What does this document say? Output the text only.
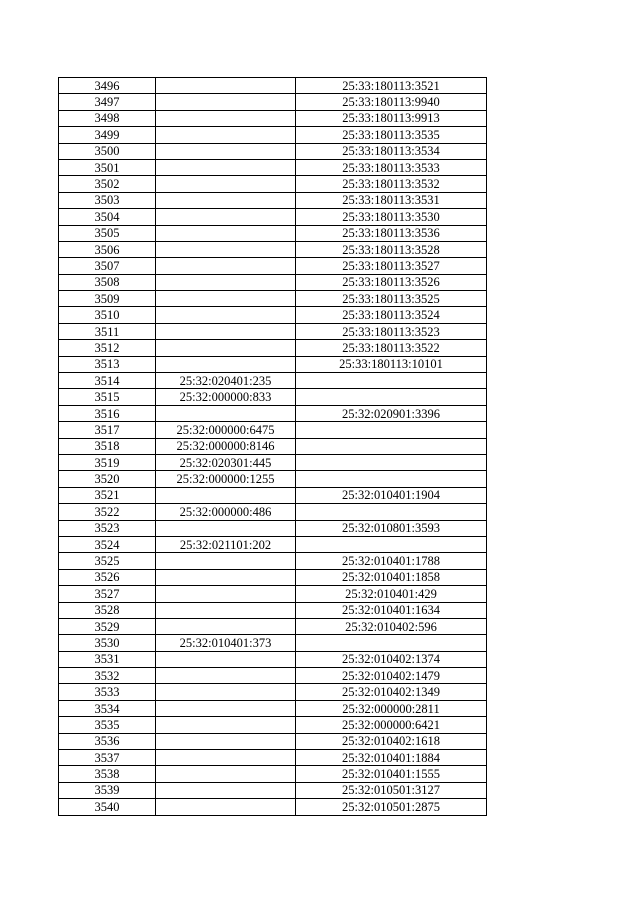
3496		25:33:180113:3521
3497		25:33:180113:9940
3498		25:33:180113:9913
3499		25:33:180113:3535
3500		25:33:180113:3534
3501		25:33:180113:3533
3502		25:33:180113:3532
3503		25:33:180113:3531
3504		25:33:180113:3530
3505		25:33:180113:3536
3506		25:33:180113:3528
3507		25:33:180113:3527
3508		25:33:180113:3526
3509		25:33:180113:3525
3510		25:33:180113:3524
3511		25:33:180113:3523
3512		25:33:180113:3522
3513		25:33:180113:10101
3514	25:32:020401:235	
3515	25:32:000000:833	
3516		25:32:020901:3396
3517	25:32:000000:6475	
3518	25:32:000000:8146	
3519	25:32:020301:445	
3520	25:32:000000:1255	
3521		25:32:010401:1904
3522	25:32:000000:486	
3523		25:32:010801:3593
3524	25:32:021101:202	
3525		25:32:010401:1788
3526		25:32:010401:1858
3527		25:32:010401:429
3528		25:32:010401:1634
3529		25:32:010402:596
3530	25:32:010401:373	
3531		25:32:010402:1374
3532		25:32:010402:1479
3533		25:32:010402:1349
3534		25:32:000000:2811
3535		25:32:000000:6421
3536		25:32:010402:1618
3537		25:32:010401:1884
3538		25:32:010401:1555
3539		25:32:010501:3127
3540		25:32:010501:2875
